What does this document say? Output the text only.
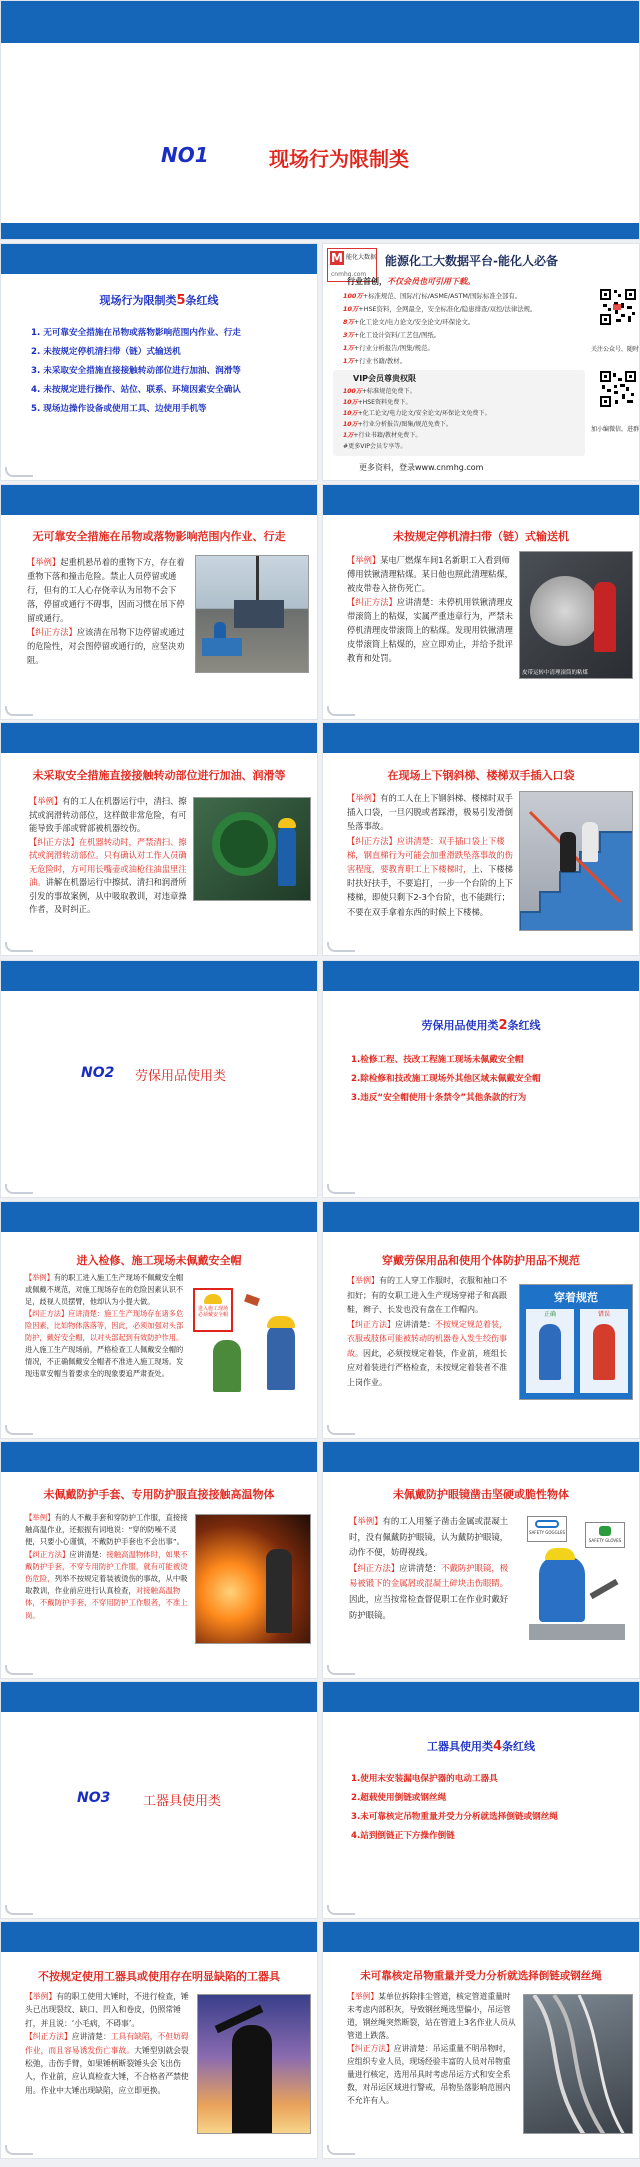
NO1	现场行为限制类
现场行为限制类5条红线
1. 无可靠安全措施在吊物或落物影响范围内作业、行走
2. 未按规定停机清扫带（链）式输送机
3. 未采取安全措施直接接触转动部位进行加油、润滑等
4. 未按规定进行操作、站位、联系、环境因素安全确认
5. 现场边操作设备或使用工具、边使用手机等
M 能化大数据
cnmhg.com
能源化工大数据平台-能化人必备
行业首创，不仅会员也可引用下载。
100万+标准规范、国际/行标/ASME/ASTM/国际标准全部有。
10万+HSE资料，全网最全，安全标准化/隐患排查/双控/法律法规。
8万+化工论文/电力论文/安全论文/环保论文。
3万+化工设计资料/工艺包/图纸。
1万+行业分析报告/图集/规范。
1万+行业书籍/教材。
VIP会员尊贵权限
100万+标准规范免费下。
10万+HSE资料免费下。
10万+化工论文/电力论文/安全论文/环保论文免费下。
10万+行业分析报告/图集/规范免费下。
1万+行业书籍/教材免费下。
#更多VIP会员专享等。
更多资料，登录www.cnmhg.com
关注公众号，随时
加小编微信，进群
无可靠安全措施在吊物或落物影响范围内作业、行走
【举例】起重机悬吊着的重物下方，存在着重物下落和撞击危险。禁止人员停留或通行，但有的工人心存侥幸认为吊物不会下落，停留或通行不碍事，因而习惯在吊下停留或通行。
【纠正方法】应该清在吊物下边停留或通过的危险性，对会图停留或通行的，应坚决劝阻。
未按规定停机清扫带（链）式输送机
【举例】某电厂燃煤车间1名新职工入看到师傅用铁锹清理粘煤。某日他也照此清理粘煤，被皮带卷入挤伤死亡。
【纠正方法】应讲清楚：未停机用铁锹清理皮带滚筒上的粘煤，实属严重违章行为，严禁未停机清理皮带滚筒上的粘煤。发现用铁锹清理皮带滚筒上粘煤的，应立即劝止，并给予批评教育和处罚。
皮带运转中清理滚筒的粘煤
未采取安全措施直接接触转动部位进行加油、润滑等
【举例】有的工人在机器运行中，清扫、擦拭或润滑转动部位，这样做非常危险，有可能导致手部或臂部被机器绞伤。
【纠正方法】在机器转动时，严禁清扫、擦拭或润滑转动部位。只有确认对工作人员确无危险时，方可用长嘴壶或油枪往油盅里注油。讲解在机器运行中擦拭、清扫和润滑所引发的事故案例，从中吸取教训，对违章操作者，及时纠正。
在现场上下钢斜梯、楼梯双手插入口袋
【举例】有的工人在上下钢斜梯、楼梯时双手插入口袋，一旦闪脱或者踩滑，极易引发滑倒坠落事故。
【纠正方法】应讲清楚：双手插口袋上下楼梯，钢直梯行为可能会加重滑跌坠落事故的伤害程度，要教育职工上下楼梯时，上、下楼梯时扶好扶手，不要追打，一步一个台阶的上下楼梯，即使只剩下2-3个台阶，也不能跳行；不要在双手拿着东西的时候上下楼梯。
NO2 劳保用品使用类
劳保用品使用类2条红线
1.检修工程、技改工程施工现场未佩戴安全帽
2.除检修和技改施工现场外其他区域未佩戴安全帽
3.违反“安全帽使用十条禁令”其他条款的行为
进入检修、施工现场未佩戴安全帽
【举例】有的职工进入施工生产现场不佩戴安全帽或佩戴不规范，对施工现场存在的危险因素认识不足，歧视人员摆臂，他却认为小提大做。
【纠正方法】应讲清楚：施工生产现场存在诸多危险因素，比如物体落落等，因此，必须加强对头部防护，戴好安全帽，以对头部起到有效防护作用。进入施工生产现场前，严格检查工人佩戴安全帽的情况，不正确佩戴安全帽者不准进入施工现场。发现违章安帽当着要求全的现象要追严肃查处。
进入施工现场必须戴安全帽
穿戴劳保用品和使用个体防护用品不规范
【举例】有的工人穿工作服时，衣服和袖口不扣好；有的女职工进入生产现场穿裙子和高跟鞋，辫子、长发也没有盘在工作帽内。
【纠正方法】应讲清楚：不按规定规范着装，衣服或肢体可能被转动的机器卷入发生绞伤事故。因此，必须按规定着装，作业前，班组长应对着装进行严格检查，未按规定着装者不准上岗作业。
穿着规范
正确	错误
未佩戴防护手套、专用防护服直接接触高温物体
【举例】有的人不戴手套和穿防护工作服，直接接触高温作业，还振振有词地说：“穿的防噪不灵便，只要小心谨慎，不戴防护手套也不会出事”。
【纠正方法】应讲清楚：接触高温物体时，如果不戴防护手套，不穿专用防护工作服，就有可能被烫伤危险，列举不按规定着装被烫伤的事故，从中吸取教训，作业前应进行认真检查，对接触高温物体，不戴防护手套，不穿用防护工作服者，不准上岗。
未佩戴防护眼镜凿击坚硬或脆性物体
【举例】有的工人用錾子凿击金属或混凝土时，没有佩戴防护眼镜，认为戴防护眼镜，动作不便，妨碍视线。
【纠正方法】应讲清楚：不戴防护眼镜，极易被锻下的金属屑或混凝土碎块击伤眼睛。因此，应当按常检查督促职工在作业时戴好防护眼镜。
SAFETY GOGGLES
SAFETY GLOVES
NO3	工器具使用类
工器具使用类4条红线
1.使用未安装漏电保护器的电动工器具
2.超载使用倒链或钢丝绳
3.未可靠核定吊物重量并受力分析就选择倒链或钢丝绳
4.站到倒链正下方操作倒链
不按规定使用工器具或使用存在明显缺陷的工器具
【举例】有的职工使用大锤时，不进行检查，锤头已出现裂纹、缺口、凹入和卷皮，仍照常锤打，并且说：‘小毛病，不碍事’。
【纠正方法】应讲清楚：工具有缺陷，不但妨碍作业，而且容易诱发伤亡事故。大锤型别就会裂松弛，击伤手臂，如果锤柄断裂锤头会飞出伤人，作业前，应认真检查大锤，不合格者严禁使用。作业中大锤出现缺陷，应立即更换。
未可靠核定吊物重量并受力分析就选择倒链或钢丝绳
【举例】某单位拆除排尘管道，核定管道重量时未考虑内部积灰，导致钢丝绳选型偏小，吊运管道，钢丝绳突然断裂，站在管道上3名作业人员从管道上跌落。
【纠正方法】应讲清楚：吊运重量不明吊物时，应组织专业人员，现场经验丰富的人员对吊物重量进行核定，选用吊具时考虑吊运方式和安全系数，对吊运区域进行警戒，吊物坠落影响范围内不允许有人。
